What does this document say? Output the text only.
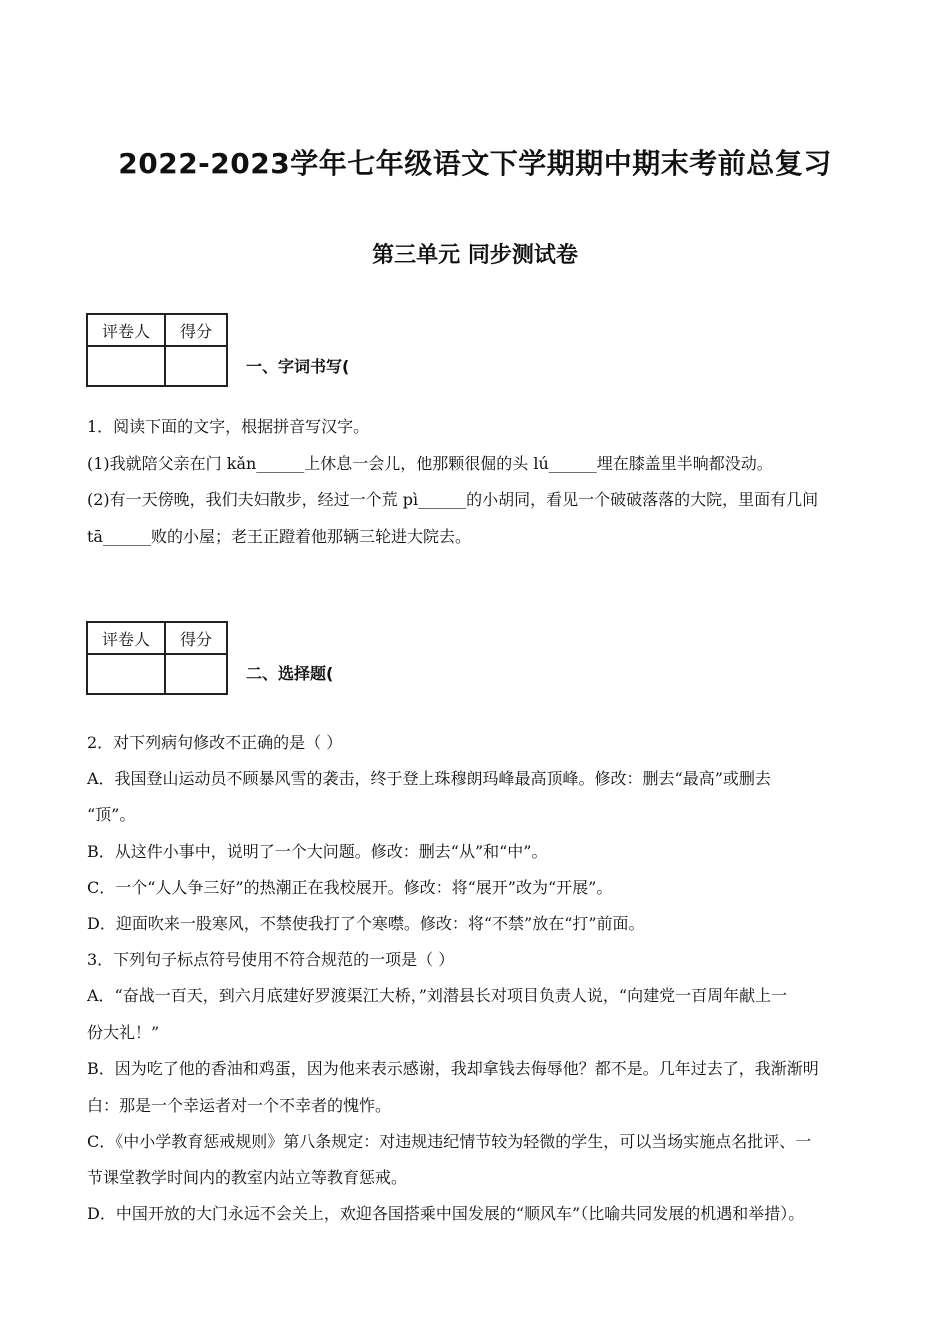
2022-2023学年七年级语文下学期期中期末考前总复习
第三单元 同步测试卷
评卷人	得分

一、字词书写(
1．阅读下面的文字，根据拼音写汉字。
(1)我就陪父亲在门 kǎn______上休息一会儿，他那颗很倔的头 lú______埋在膝盖里半晌都没动。
(2)有一天傍晚，我们夫妇散步，经过一个荒 pì______的小胡同，看见一个破破落落的大院，里面有几间
tā______败的小屋；老王正蹬着他那辆三轮进大院去。
评卷人	得分

二、选择题(
2．对下列病句修改不正确的是（ ）
A．我国登山运动员不顾暴风雪的袭击，终于登上珠穆朗玛峰最高顶峰。修改：删去“最高”或删去
“顶”。
B．从这件小事中，说明了一个大问题。修改：删去“从”和“中”。
C．一个“人人争三好”的热潮正在我校展开。修改：将“展开”改为“开展”。
D．迎面吹来一股寒风，不禁使我打了个寒噤。修改：将“不禁”放在“打”前面。
3．下列句子标点符号使用不符合规范的一项是（ ）
A．“奋战一百天，到六月底建好罗渡渠江大桥，”刘潜县长对项目负责人说，“向建党一百周年献上一
份大礼！”
B．因为吃了他的香油和鸡蛋，因为他来表示感谢，我却拿钱去侮辱他？都不是。几年过去了，我渐渐明
白：那是一个幸运者对一个不幸者的愧怍。
C．《中小学教育惩戒规则》第八条规定：对违规违纪情节较为轻微的学生，可以当场实施点名批评、一
节课堂教学时间内的教室内站立等教育惩戒。
D．中国开放的大门永远不会关上，欢迎各国搭乘中国发展的“顺风车”（比喻共同发展的机遇和举措）。
